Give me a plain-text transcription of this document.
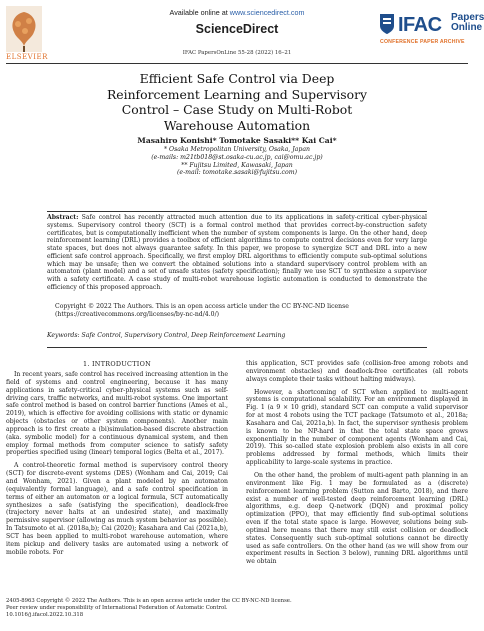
ELSEVIER
Available online at www.sciencedirect.com
ScienceDirect
IFAC PapersOnLine 55-28 (2022) 16–21
IFAC Papers
Online
CONFERENCE PAPER ARCHIVE
Efficient Safe Control via Deep
Reinforcement Learning and Supervisory
Control – Case Study on Multi-Robot
Warehouse Automation
Masahiro Konishi* Tomotake Sasaki** Kai Cai*
* Osaka Metropolitan University, Osaka, Japan
(e-mails: m21tb018@st.osaka-cu.ac.jp, cai@omu.ac.jp)
** Fujitsu Limited, Kawasaki, Japan
(e-mail: tomotake.sasaki@fujitsu.com)
Abstract: Safe control has recently attracted much attention due to its applications in safety-critical cyber-physical systems. Supervisory control theory (SCT) is a formal control method that provides correct-by-construction safety certificates, but is computationally inefficient when the number of system components is large. On the other hand, deep reinforcement learning (DRL) provides a toolbox of efficient algorithms to compute control decisions even for very large state spaces, but does not always guarantee safety. In this paper, we propose to synergize SCT and DRL into a new efficient safe control approach. Specifically, we first employ DRL algorithms to efficiently compute sub-optimal solutions which may be unsafe; then we convert the obtained solutions into a standard supervisory control problem with an automaton (plant model) and a set of unsafe states (safety specification); finally we use SCT to synthesize a supervisor with a safety certificate. A case study of multi-robot warehouse logistic automation is conducted to demonstrate the efficiency of this proposed approach.
Copyright © 2022 The Authors. This is an open access article under the CC BY-NC-ND license
(https://creativecommons.org/licenses/by-nc-nd/4.0/)
Keywords: Safe Control, Supervisory Control, Deep Reinforcement Learning
1. INTRODUCTION

In recent years, safe control has received increasing attention in the field of systems and control engineering, because it has many applications in safety-critical cyber-physical systems such as self-driving cars, traffic networks, and multi-robot systems. One important safe control method is based on control barrier functions (Ames et al., 2019), which is effective for avoiding collisions with static or dynamic objects (obstacles or other system components). Another main approach is to first create a (bi)simulation-based discrete abstraction (aka. symbolic model) for a continuous dynamical system, and then employ formal methods from computer science to satisfy safety properties specified using (linear) temporal logics (Belta et al., 2017).

A control-theoretic formal method is supervisory control theory (SCT) for discrete-event systems (DES) (Wonham and Cai, 2019; Cai and Wonham, 2021). Given a plant modeled by an automaton (equivalently formal language), and a safe control specification in terms of either an automaton or a logical formula, SCT automatically synthesizes a safe (satisfying the specification), deadlock-free (trajectory never halts at an undesired state), and maximally permissive supervisor (allowing as much system behavior as possible). In Tatsumoto et al. (2018a,b); Cai (2020); Kasahara and Cai (2021a,b), SCT has been applied to multi-robot warehouse automation, where item pickup and delivery tasks are automated using a network of mobile robots. For

this application, SCT provides safe (collision-free among robots and environment obstacles) and deadlock-free certificates (all robots always complete their tasks without halting midways).

However, a shortcoming of SCT when applied to multi-agent systems is computational scalability. For an environment displayed in Fig. 1 (a 9 × 10 grid), standard SCT can compute a valid supervisor for at most 4 robots using the TCT package (Tatsumoto et al., 2018a; Kasahara and Cai, 2021a,b). In fact, the supervisor synthesis problem is known to be NP-hard in that the total state space grows exponentially in the number of component agents (Wonham and Cai, 2019). This so-called state explosion problem also exists in all core problems addressed by formal methods, which limits their applicability to large-scale systems in practice.

On the other hand, the problem of multi-agent path planning in an environment like Fig. 1 may be formulated as a (discrete) reinforcement learning problem (Sutton and Barto, 2018), and there exist a number of well-tested deep reinforcement learning (DRL) algorithms, e.g. deep Q-network (DQN) and proximal policy optimization (PPO), that may efficiently find sub-optimal solutions even if the total state space is large. However, solutions being sub-optimal here means that there may still exist collision or deadlock states. Consequently such sub-optimal solutions cannot be directly used as safe controllers. On the other hand (as we will show from our experiment results in Section 3 below), running DRL algorithms until we obtain

2405-8963 Copyright © 2022 The Authors. This is an open access article under the CC BY-NC-ND license.
Peer review under responsibility of International Federation of Automatic Control.
10.1016/j.ifacol.2022.10.318
